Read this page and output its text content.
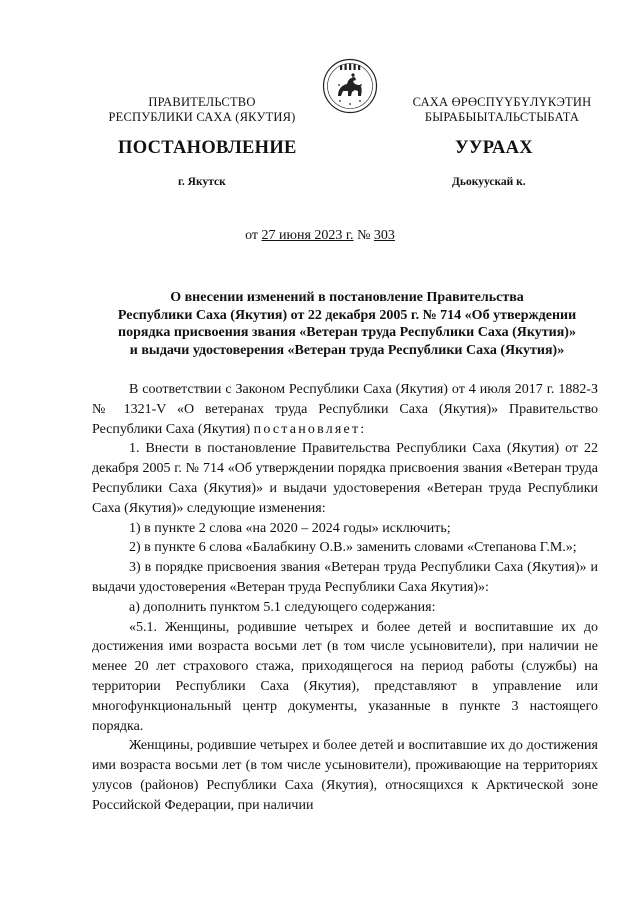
ПРАВИТЕЛЬСТВО
РЕСПУБЛИКИ САХА (ЯКУТИЯ)
САХА ӨРӨСПҮҮБҮЛҮКЭТИН
БЫРАБЫЫТАЛЬСТЫБАТА
ПОСТАНОВЛЕНИЕ	УУРААХ
г. Якутск	Дьокуускай к.
от 27 июня 2023 г. № 303
О внесении изменений в постановление Правительства
Республики Саха (Якутия) от 22 декабря 2005 г. № 714 «Об утверждении
порядка присвоения звания «Ветеран труда Республики Саха (Якутия)»
и выдачи удостоверения «Ветеран труда Республики Саха (Якутия)»

В соответствии с Законом Республики Саха (Якутия) от 4 июля 2017 г. 1882-З № 1321-V «О ветеранах труда Республики Саха (Якутия)» Правительство Республики Саха (Якутия) постановляет:

1. Внести в постановление Правительства Республики Саха (Якутия) от 22 декабря 2005 г. № 714 «Об утверждении порядка присвоения звания «Ветеран труда Республики Саха (Якутия)» и выдачи удостоверения «Ветеран труда Республики Саха (Якутия)» следующие изменения:

1) в пункте 2 слова «на 2020 – 2024 годы» исключить;

2) в пункте 6 слова «Балабкину О.В.» заменить словами «Степанова Г.М.»;

3) в порядке присвоения звания «Ветеран труда Республики Саха (Якутия)» и выдачи удостоверения «Ветеран труда Республики Саха Якутия)»:

а) дополнить пунктом 5.1 следующего содержания:

«5.1. Женщины, родившие четырех и более детей и воспитавшие их до достижения ими возраста восьми лет (в том числе усыновители), при наличии не менее 20 лет страхового стажа, приходящегося на период работы (службы) на территории Республики Саха (Якутия), представляют в управление или многофункциональный центр документы, указанные в пункте 3 настоящего порядка.

Женщины, родившие четырех и более детей и воспитавшие их до достижения ими возраста восьми лет (в том числе усыновители), проживающие на территориях улусов (районов) Республики Саха (Якутия), относящихся к Арктической зоне Российской Федерации, при наличии
